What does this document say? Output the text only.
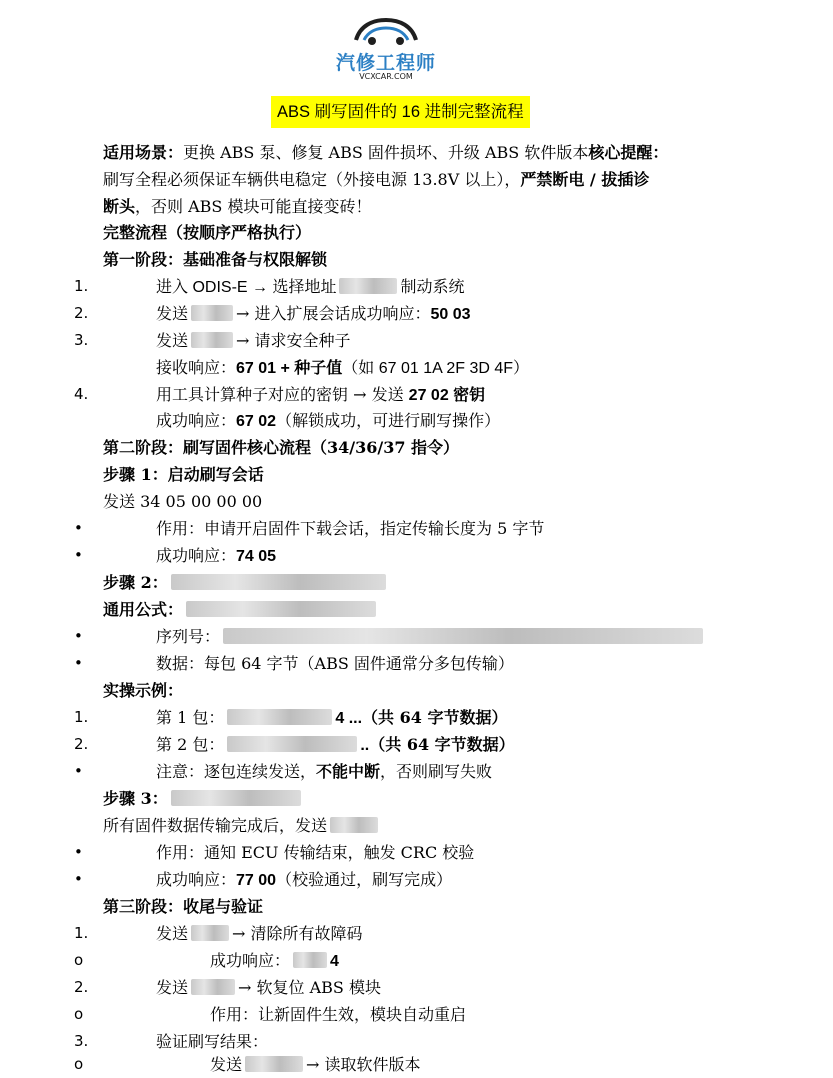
汽修工程师
VCXCAR.COM
ABS 刷写固件的 16 进制完整流程
适用场景：更换 ABS 泵、修复 ABS 固件损坏、升级 ABS 软件版本核心提醒：
刷写全程必须保证车辆供电稳定（外接电源 13.8V 以上），严禁断电 / 拔插诊
断头，否则 ABS 模块可能直接变砖！
完整流程（按顺序严格执行）
第一阶段：基础准备与权限解锁
1.	进入 ODIS-E → 选择地址	制动系统
2.	发送	→ 进入扩展会话成功响应：50 03
3.	发送	→ 请求安全种子
接收响应：67 01 + 种子值（如 67 01 1A 2F 3D 4F）
4.	用工具计算种子对应的密钥 → 发送 27 02 密钥
成功响应：67 02（解锁成功，可进行刷写操作）
第二阶段：刷写固件核心流程（34/36/37 指令）
步骤 1：启动刷写会话
发送 34 05 00 00 00
•	作用：申请开启固件下载会话，指定传输长度为 5 字节
•	成功响应：74 05
步骤 2：
通用公式：
•	序列号：
•	数据：每包 64 字节（ABS 固件通常分多包传输）
实操示例：
1.	第 1 包：	4 ...（共 64 字节数据）
2.	第 2 包：	..（共 64 字节数据）
•	注意：逐包连续发送，不能中断，否则刷写失败
步骤 3：
所有固件数据传输完成后，发送
•	作用：通知 ECU 传输结束，触发 CRC 校验
•	成功响应：77 00（校验通过，刷写完成）
第三阶段：收尾与验证
1.	发送	→ 清除所有故障码
o	成功响应：	4
2.	发送	→ 软复位 ABS 模块
o	作用：让新固件生效，模块自动重启
3.	验证刷写结果：
o	发送	→ 读取软件版本
